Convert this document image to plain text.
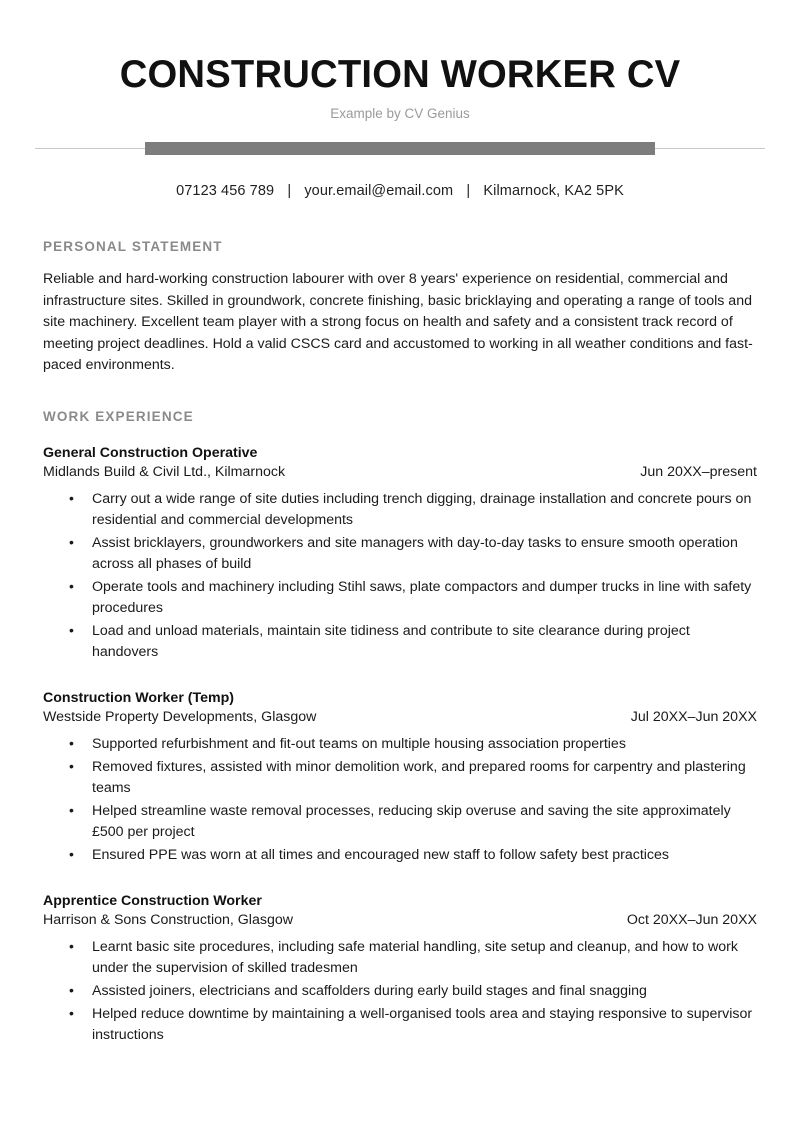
CONSTRUCTION WORKER CV

Example by CV Genius

07123 456 789 | your.email@email.com | Kilmarnock, KA2 5PK
PERSONAL STATEMENT

Reliable and hard-working construction labourer with over 8 years' experience on residential, commercial and infrastructure sites. Skilled in groundwork, concrete finishing, basic bricklaying and operating a range of tools and site machinery. Excellent team player with a strong focus on health and safety and a consistent track record of meeting project deadlines. Hold a valid CSCS card and accustomed to working in all weather conditions and fast-paced environments.

WORK EXPERIENCE

General Construction Operative

Midlands Build & Civil Ltd., Kilmarnock	Jun 20XX–present
• Carry out a wide range of site duties including trench digging, drainage installation and concrete pours on residential and commercial developments
• Assist bricklayers, groundworkers and site managers with day-to-day tasks to ensure smooth operation across all phases of build
• Operate tools and machinery including Stihl saws, plate compactors and dumper trucks in line with safety procedures
• Load and unload materials, maintain site tidiness and contribute to site clearance during project handovers

Construction Worker (Temp)

Westside Property Developments, Glasgow	Jul 20XX–Jun 20XX
• Supported refurbishment and fit-out teams on multiple housing association properties
• Removed fixtures, assisted with minor demolition work, and prepared rooms for carpentry and plastering teams
• Helped streamline waste removal processes, reducing skip overuse and saving the site approximately £500 per project
• Ensured PPE was worn at all times and encouraged new staff to follow safety best practices

Apprentice Construction Worker

Harrison & Sons Construction, Glasgow	Oct 20XX–Jun 20XX
• Learnt basic site procedures, including safe material handling, site setup and cleanup, and how to work under the supervision of skilled tradesmen
• Assisted joiners, electricians and scaffolders during early build stages and final snagging
• Helped reduce downtime by maintaining a well-organised tools area and staying responsive to supervisor instructions
